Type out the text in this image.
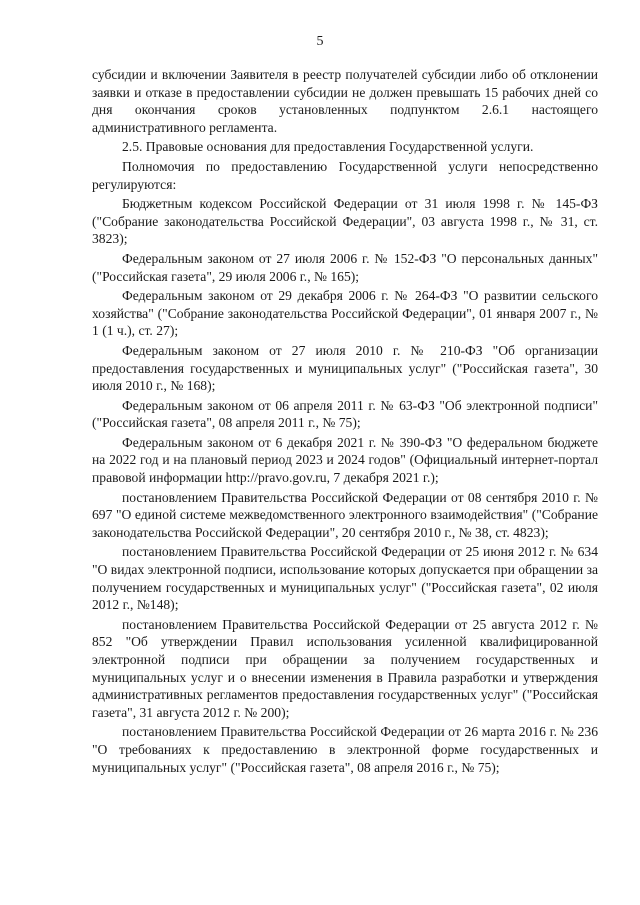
5

субсидии и включении Заявителя в реестр получателей субсидии либо об отклонении заявки и отказе в предоставлении субсидии не должен превышать 15 рабочих дней со дня окончания сроков установленных подпунктом 2.6.1 настоящего административного регламента.

2.5. Правовые основания для предоставления Государственной услуги.

Полномочия по предоставлению Государственной услуги непосредственно регулируются:

Бюджетным кодексом Российской Федерации от 31 июля 1998 г. № 145-ФЗ ("Собрание законодательства Российской Федерации", 03 августа 1998 г., № 31, ст. 3823);

Федеральным законом от 27 июля 2006 г. № 152-ФЗ "О персональных данных" ("Российская газета", 29 июля 2006 г., № 165);

Федеральным законом от 29 декабря 2006 г. № 264-ФЗ "О развитии сельского хозяйства" ("Собрание законодательства Российской Федерации", 01 января 2007 г., № 1 (1 ч.), ст. 27);

Федеральным законом от 27 июля 2010 г. № 210-ФЗ "Об организации предоставления государственных и муниципальных услуг" ("Российская газета", 30 июля 2010 г., № 168);

Федеральным законом от 06 апреля 2011 г. № 63-ФЗ "Об электронной подписи" ("Российская газета", 08 апреля 2011 г., № 75);

Федеральным законом от 6 декабря 2021 г. № 390-ФЗ "О федеральном бюджете на 2022 год и на плановый период 2023 и 2024 годов" (Официальный интернет-портал правовой информации http://pravo.gov.ru, 7 декабря 2021 г.);

постановлением Правительства Российской Федерации от 08 сентября 2010 г. № 697 "О единой системе межведомственного электронного взаимодействия" ("Собрание законодательства Российской Федерации", 20 сентября 2010 г., № 38, ст. 4823);

постановлением Правительства Российской Федерации от 25 июня 2012 г. № 634 "О видах электронной подписи, использование которых допускается при обращении за получением государственных и муниципальных услуг" ("Российская газета", 02 июля 2012 г., №148);

постановлением Правительства Российской Федерации от 25 августа 2012 г. № 852 "Об утверждении Правил использования усиленной квалифицированной электронной подписи при обращении за получением государственных и муниципальных услуг и о внесении изменения в Правила разработки и утверждения административных регламентов предоставления государственных услуг" ("Российская газета", 31 августа 2012 г. № 200);

постановлением Правительства Российской Федерации от 26 марта 2016 г. № 236 "О требованиях к предоставлению в электронной форме государственных и муниципальных услуг" ("Российская газета", 08 апреля 2016 г., № 75);
